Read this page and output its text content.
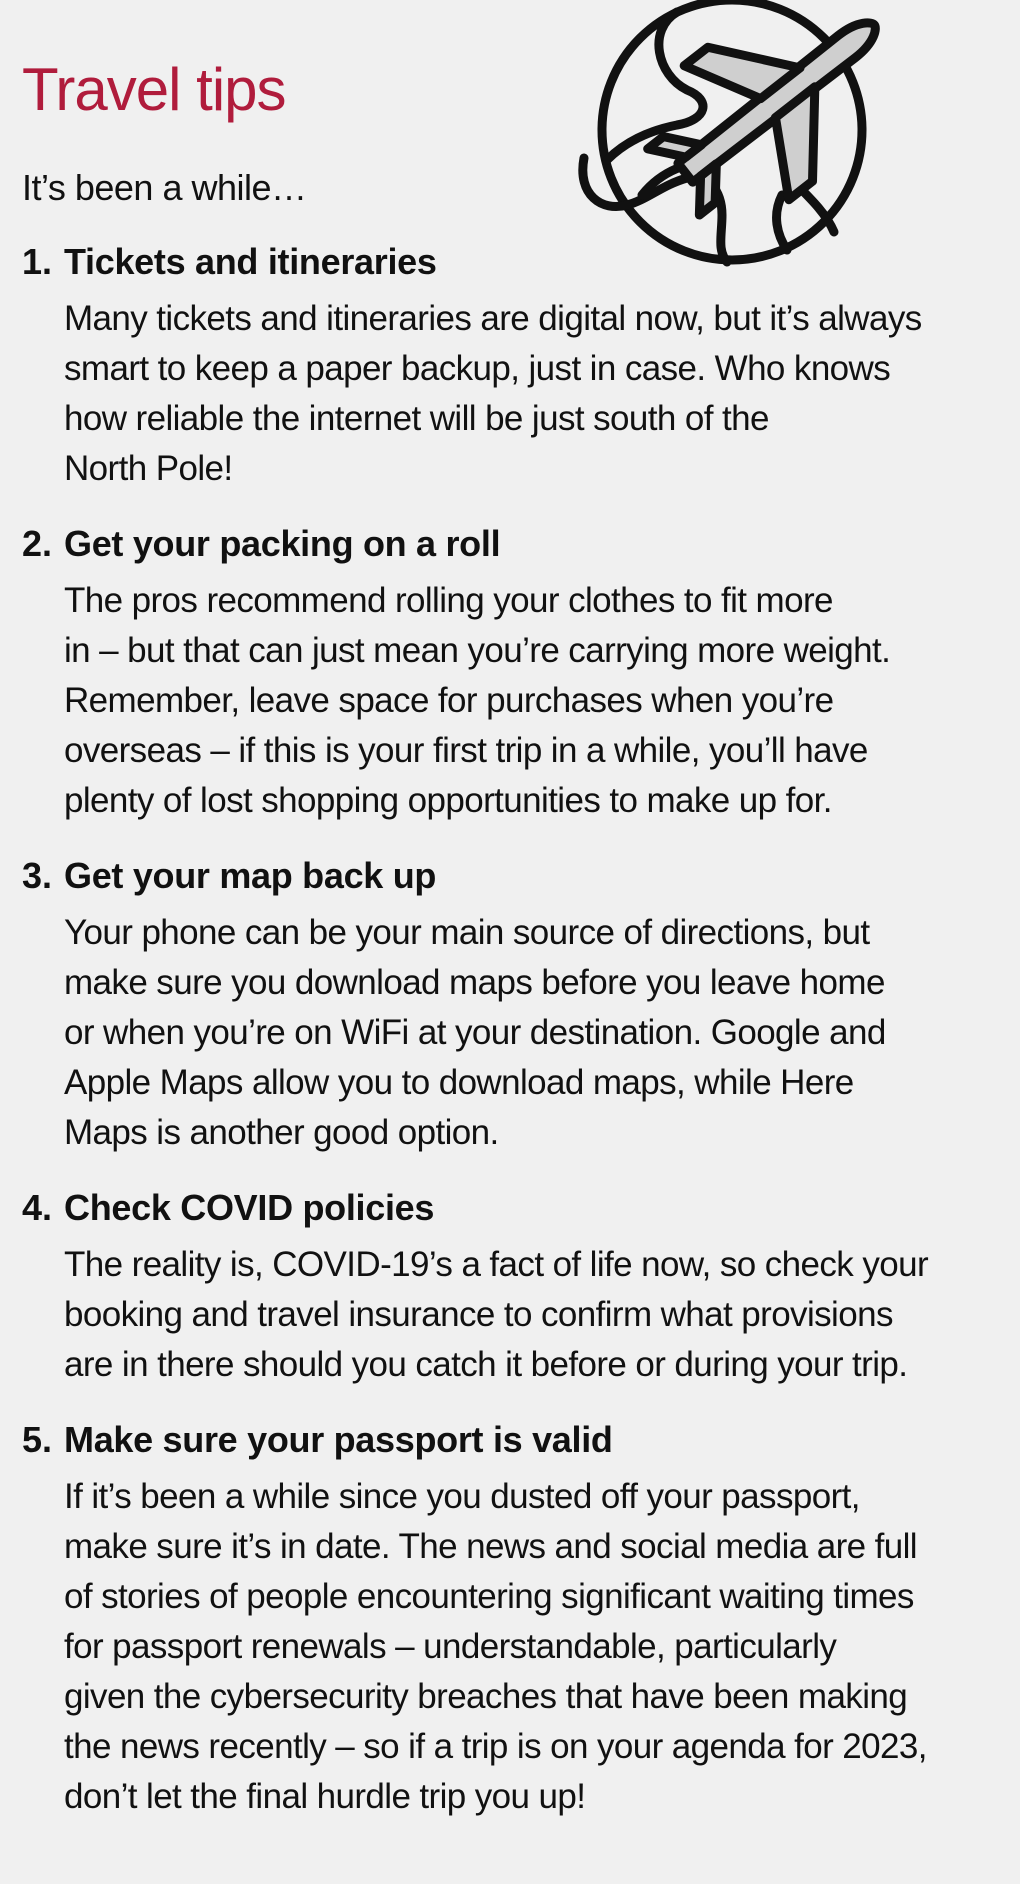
Travel tips

It’s been a while…

1. Tickets and itineraries
Many tickets and itineraries are digital now, but it’s always
smart to keep a paper backup, just in case. Who knows
how reliable the internet will be just south of the
North Pole!
2. Get your packing on a roll
The pros recommend rolling your clothes to fit more
in – but that can just mean you’re carrying more weight.
Remember, leave space for purchases when you’re
overseas – if this is your first trip in a while, you’ll have
plenty of lost shopping opportunities to make up for.
3. Get your map back up
Your phone can be your main source of directions, but
make sure you download maps before you leave home
or when you’re on WiFi at your destination. Google and
Apple Maps allow you to download maps, while Here
Maps is another good option.
4. Check COVID policies
The reality is, COVID-19’s a fact of life now, so check your
booking and travel insurance to confirm what provisions
are in there should you catch it before or during your trip.
5. Make sure your passport is valid
If it’s been a while since you dusted off your passport,
make sure it’s in date. The news and social media are full
of stories of people encountering significant waiting times
for passport renewals – understandable, particularly
given the cybersecurity breaches that have been making
the news recently – so if a trip is on your agenda for 2023,
don’t let the final hurdle trip you up!
